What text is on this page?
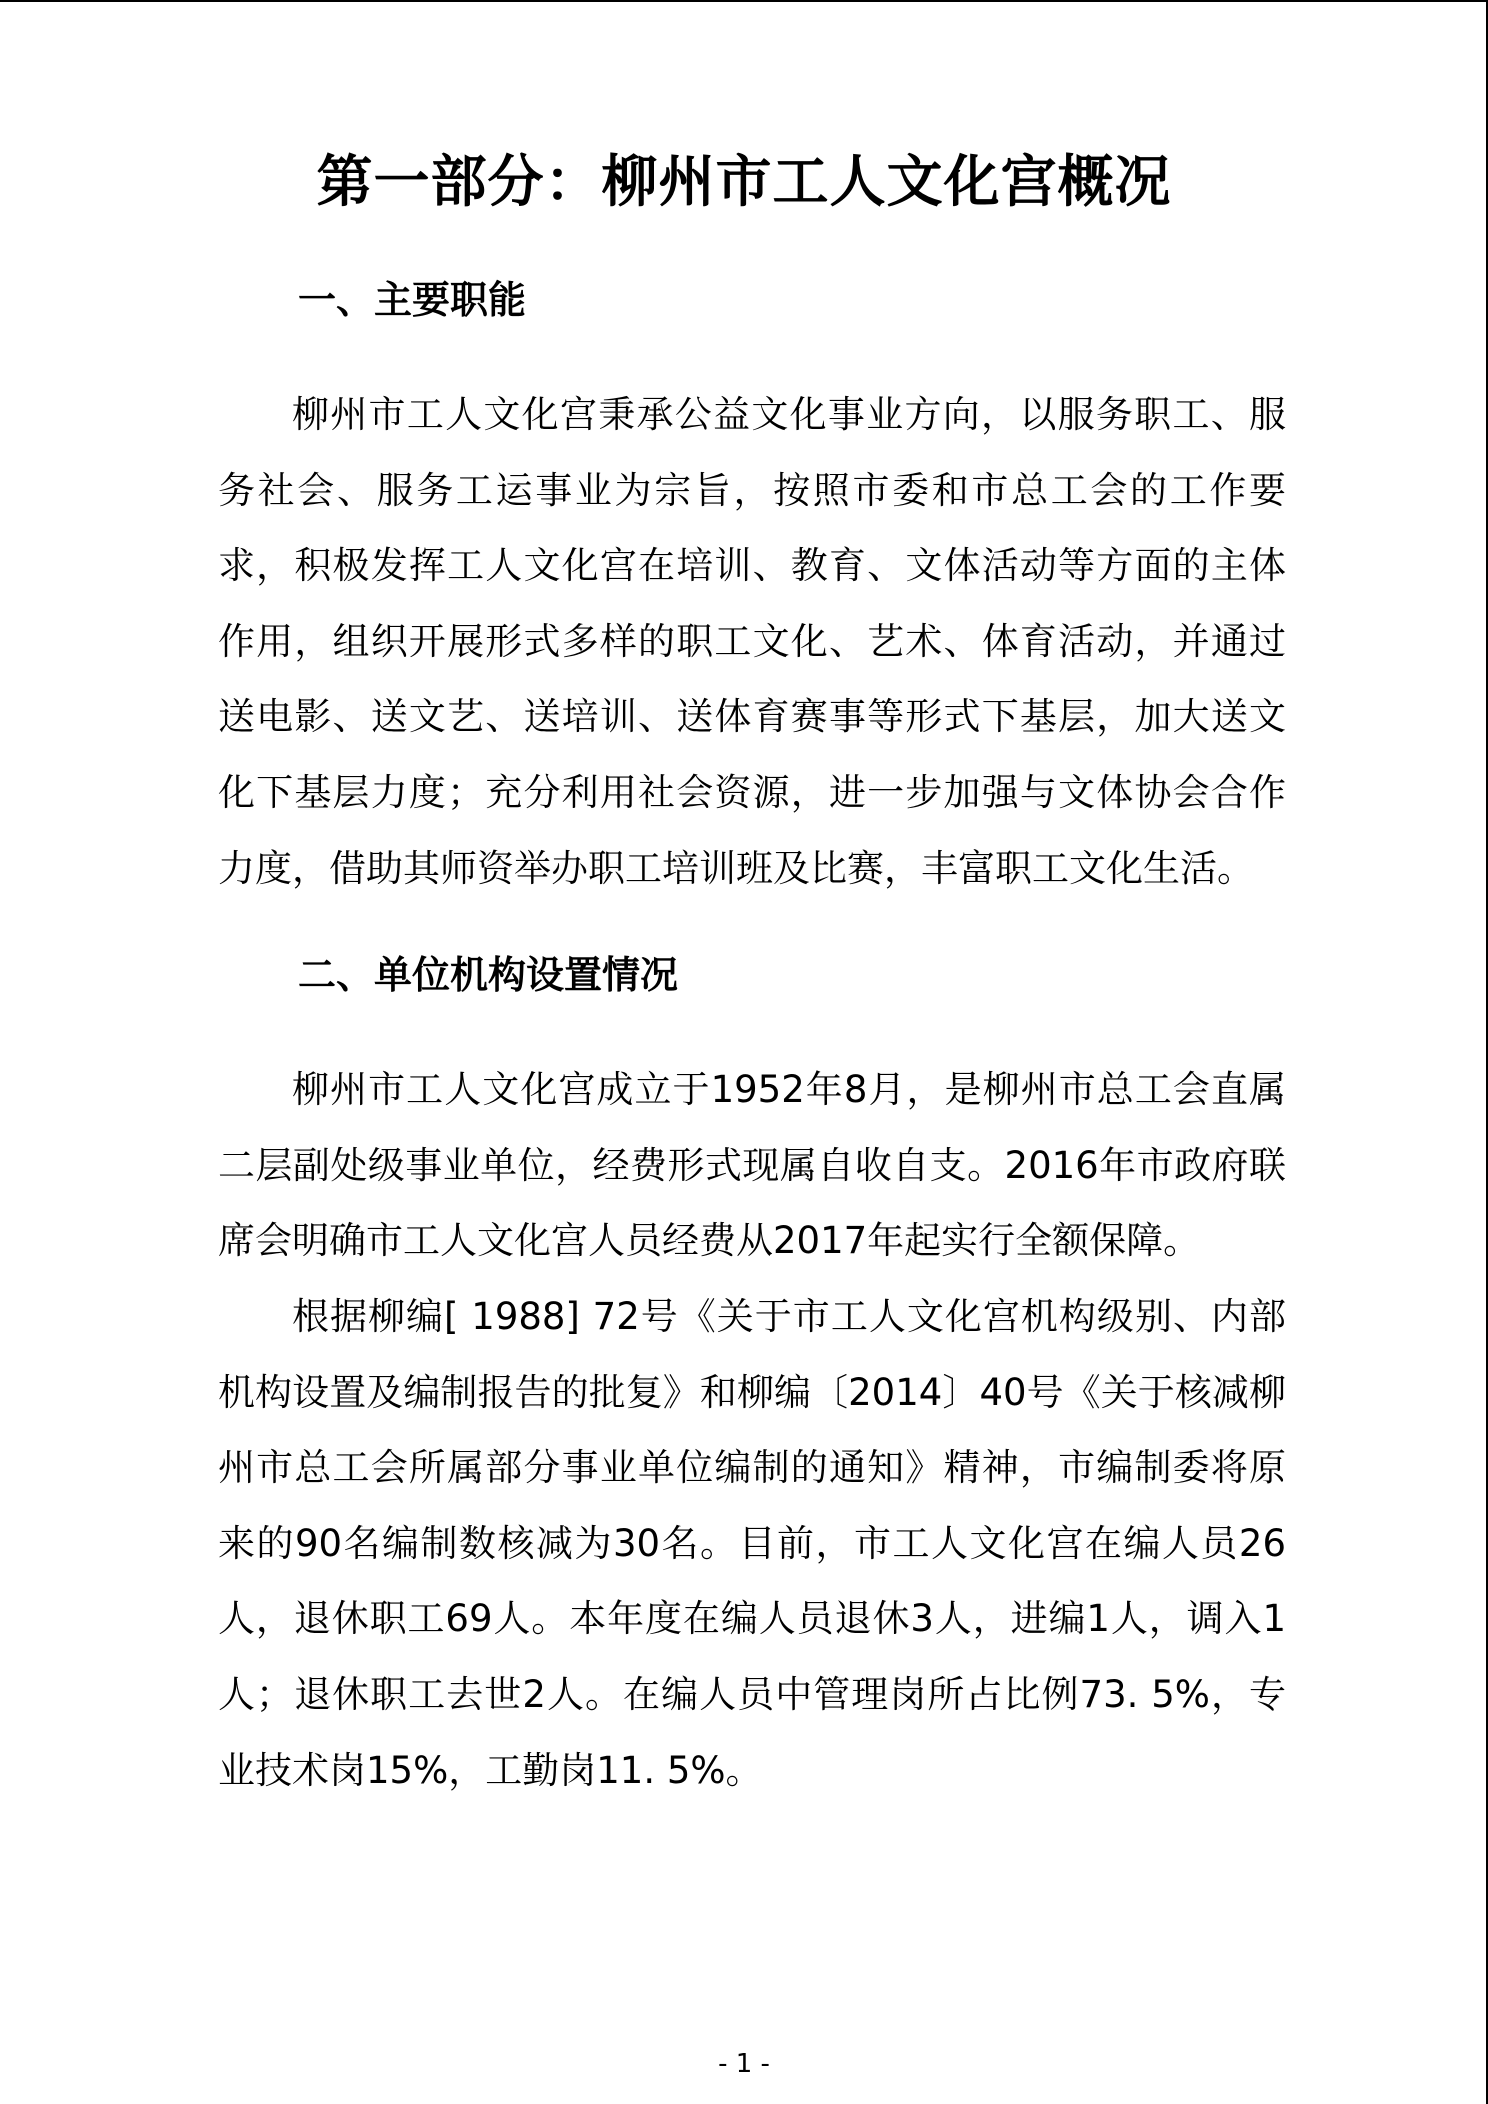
第一部分：柳州市工人文化宫概况
一、主要职能

柳州市工人文化宫秉承公益文化事业方向，以服务职工、服务社会、服务工运事业为宗旨，按照市委和市总工会的工作要求，积极发挥工人文化宫在培训、教育、文体活动等方面的主体作用，组织开展形式多样的职工文化、艺术、体育活动，并通过送电影、送文艺、送培训、送体育赛事等形式下基层，加大送文化下基层力度；充分利用社会资源，进一步加强与文体协会合作力度，借助其师资举办职工培训班及比赛，丰富职工文化生活。

二、单位机构设置情况

柳州市工人文化宫成立于1952年8月，是柳州市总工会直属二层副处级事业单位，经费形式现属自收自支。2016年市政府联席会明确市工人文化宫人员经费从2017年起实行全额保障。

根据柳编[ 1988] 72号《关于市工人文化宫机构级别、内部机构设置及编制报告的批复》和柳编〔2014〕40号《关于核减柳州市总工会所属部分事业单位编制的通知》精神，市编制委将原来的90名编制数核减为30名。目前，市工人文化宫在编人员26人，退休职工69人。本年度在编人员退休3人，进编1人，调入1人；退休职工去世2人。在编人员中管理岗所占比例73. 5%，专业技术岗15%，工勤岗11. 5%。

- 1 -
